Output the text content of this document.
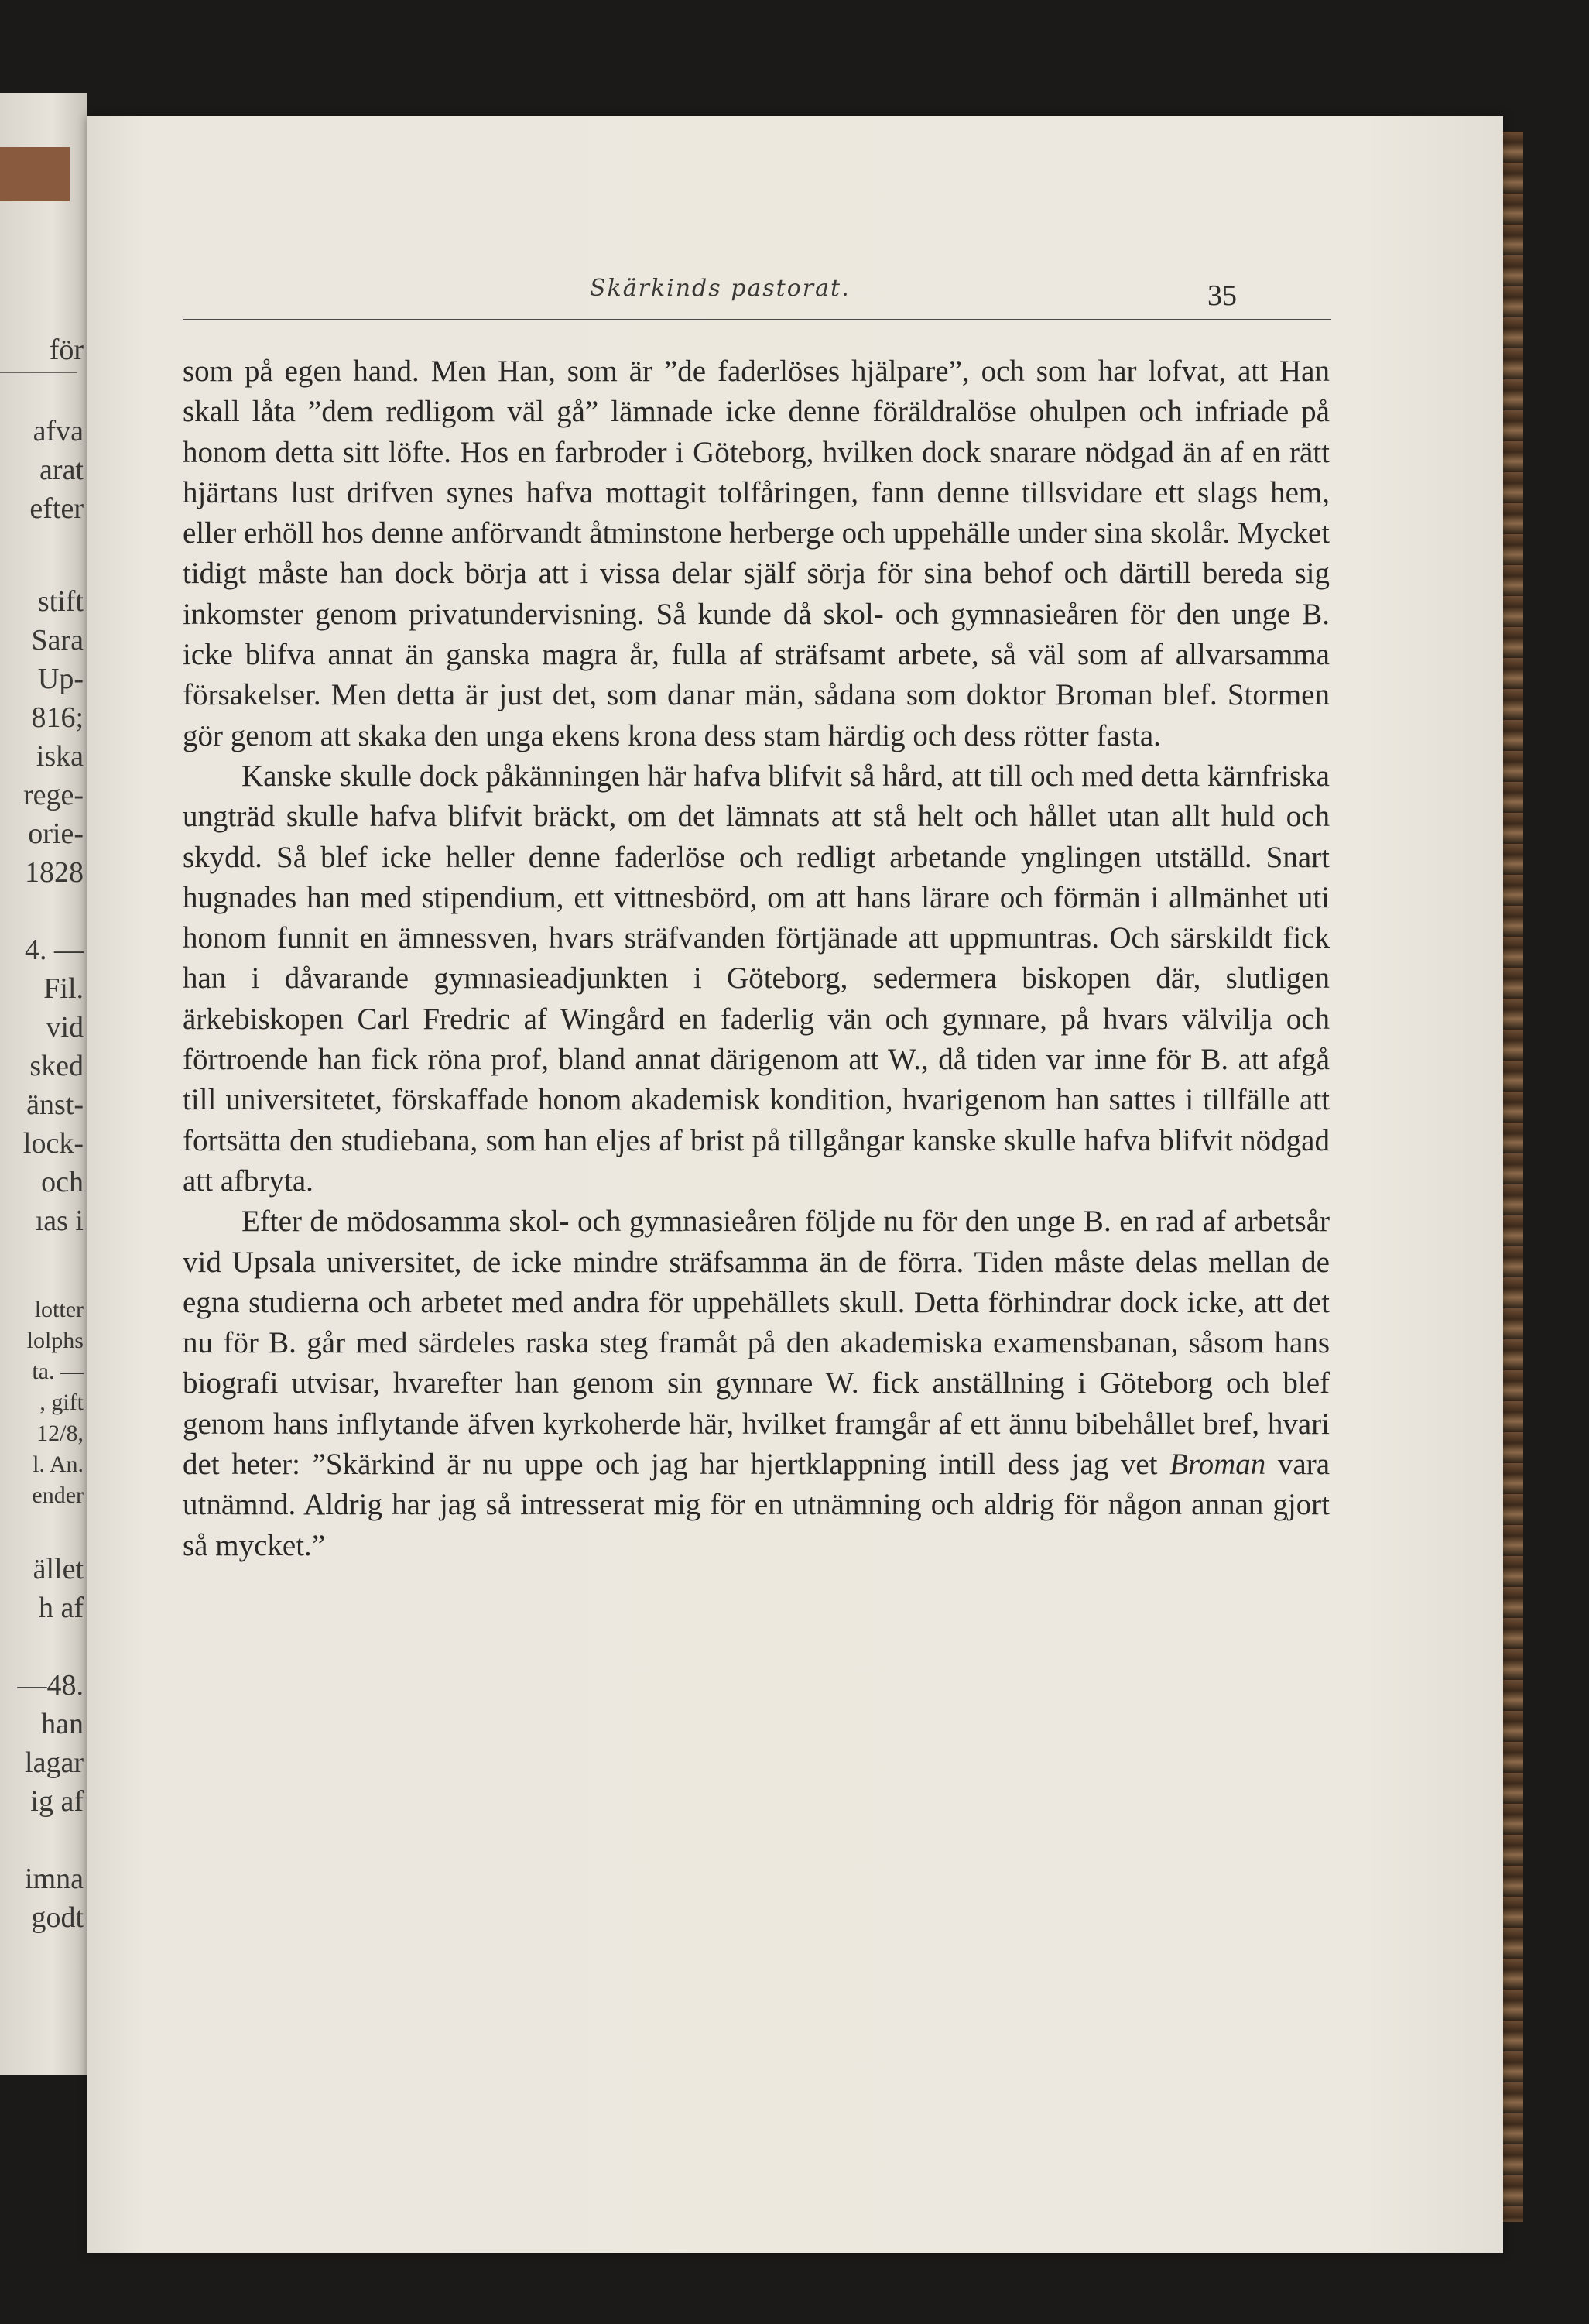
för
afva
arat
efter
stift
Sara
Up-
816;
iska
rege-
orie-
1828
4. —
Fil.
vid
sked
änst-
lock-
och
ıas i
lotter
lolphs
ta. —
, gift
12/8,
l. An.
ender
ället
h af
—48.
han
lagar
ig af
imna
godt
Skärkinds pastorat.	35

som på egen hand. Men Han, som är ”de faderlöses hjälpare”, och som har lofvat, att Han skall låta ”dem redligom väl gå” lämnade icke denne föräldralöse ohulpen och infriade på honom detta sitt löfte. Hos en farbroder i Göteborg, hvilken dock snarare nödgad än af en rätt hjärtans lust drifven synes hafva mottagit tolfåringen, fann denne tillsvidare ett slags hem, eller erhöll hos denne anförvandt åtminstone herberge och uppehälle under sina skolår. Mycket tidigt måste han dock börja att i vissa delar själf sörja för sina behof och därtill bereda sig inkomster genom privatundervisning. Så kunde då skol- och gymnasieåren för den unge B. icke blifva annat än ganska magra år, fulla af sträfsamt arbete, så väl som af allvarsamma försakelser. Men detta är just det, som danar män, sådana som doktor Broman blef. Stormen gör genom att skaka den unga ekens krona dess stam härdig och dess rötter fasta.

Kanske skulle dock påkänningen här hafva blifvit så hård, att till och med detta kärnfriska ungträd skulle hafva blifvit bräckt, om det lämnats att stå helt och hållet utan allt huld och skydd. Så blef icke heller denne faderlöse och redligt arbetande ynglingen utställd. Snart hugnades han med stipendium, ett vittnesbörd, om att hans lärare och förmän i allmänhet uti honom funnit en ämnessven, hvars sträfvanden förtjänade att uppmuntras. Och särskildt fick han i dåvarande gymnasieadjunkten i Göteborg, sedermera biskopen där, slutligen ärkebiskopen Carl Fredric af Wingård en faderlig vän och gynnare, på hvars välvilja och förtroende han fick röna prof, bland annat därigenom att W., då tiden var inne för B. att afgå till universitetet, förskaffade honom akademisk kondition, hvarigenom han sattes i tillfälle att fortsätta den studiebana, som han eljes af brist på tillgångar kanske skulle hafva blifvit nödgad att afbryta.

Efter de mödosamma skol- och gymnasieåren följde nu för den unge B. en rad af arbetsår vid Upsala universitet, de icke mindre sträfsamma än de förra. Tiden måste delas mellan de egna studierna och arbetet med andra för uppehällets skull. Detta förhindrar dock icke, att det nu för B. går med särdeles raska steg framåt på den akademiska examensbanan, såsom hans biografi utvisar, hvarefter han genom sin gynnare W. fick anställning i Göteborg och blef genom hans inflytande äfven kyrkoherde här, hvilket framgår af ett ännu bibehållet bref, hvari det heter: ”Skärkind är nu uppe och jag har hjertklappning intill dess jag vet Broman vara utnämnd. Aldrig har jag så intresserat mig för en utnämning och aldrig för någon annan gjort så mycket.”
